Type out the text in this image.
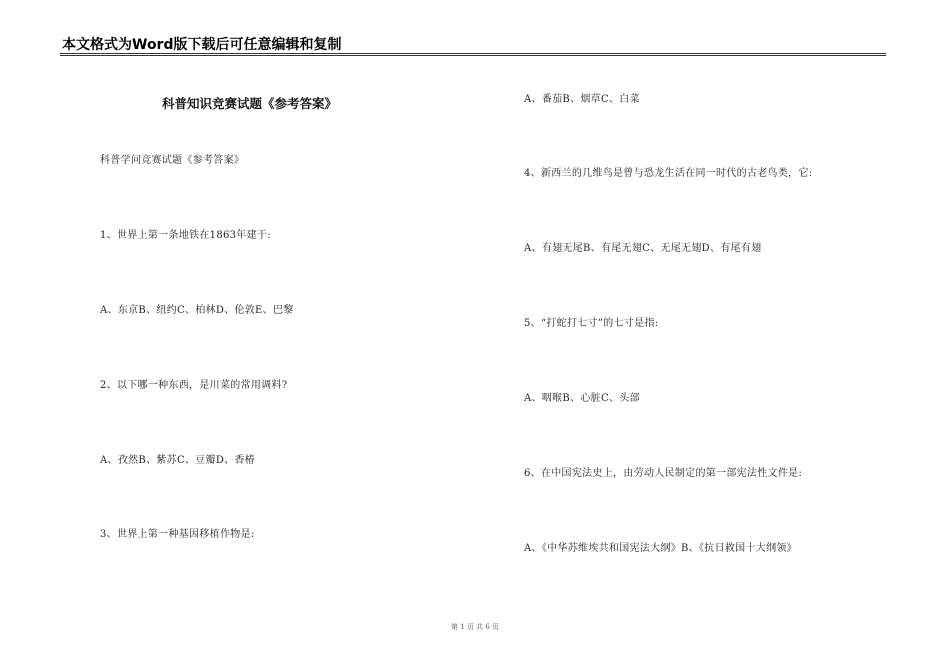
本文格式为Word版下载后可任意编辑和复制
科普知识竞赛试题《参考答案》
科普学问竞赛试题《参考答案》
1、世界上第一条地铁在1863年建于:
A、东京B、纽约C、柏林D、伦敦E、巴黎
2、以下哪一种东西，是川菜的常用调料?
A、孜然B、紫苏C、豆瓣D、香椿
3、世界上第一种基因移植作物是:
A、番茄B、烟草C、白菜
4、新西兰的几维鸟是曾与恐龙生活在同一时代的古老鸟类，它:
A、有翅无尾B、有尾无翅C、无尾无翅D、有尾有翅
5、“打蛇打七寸”的七寸是指:
A、咽喉B、心脏C、头部
6、在中国宪法史上，由劳动人民制定的第一部宪法性文件是:
A、《中华苏维埃共和国宪法大纲》B、《抗日救国十大纲领》
第 1 页 共 6 页
